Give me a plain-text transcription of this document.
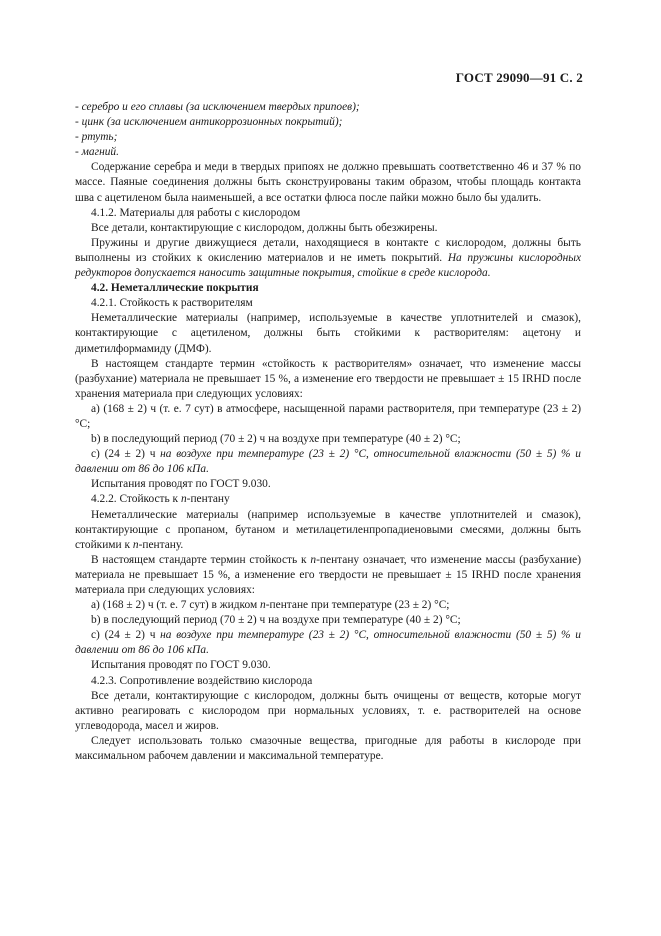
ГОСТ 29090—91 С. 2

- серебро и его сплавы (за исключением твердых припоев);

- цинк (за исключением антикоррозионных покрытий);

- ртуть;

- магний.

Содержание серебра и меди в твердых припоях не должно превышать соответственно 46 и 37 % по массе. Паяные соединения должны быть сконструированы таким образом, чтобы площадь контакта шва с ацетиленом была наименьшей, а все остатки флюса после пайки можно было бы удалить.

4.1.2. Материалы для работы с кислородом

Все детали, контактирующие с кислородом, должны быть обезжирены.

Пружины и другие движущиеся детали, находящиеся в контакте с кислородом, должны быть выполнены из стойких к окислению материалов и не иметь покрытий. На пружины кислородных редукторов допускается наносить защитные покрытия, стойкие в среде кислорода.

4.2. Неметаллические покрытия

4.2.1. Стойкость к растворителям

Неметаллические материалы (например, используемые в качестве уплотнителей и смазок), контактирующие с ацетиленом, должны быть стойкими к растворителям: ацетону и диметилформамиду (ДМФ).

В настоящем стандарте термин «стойкость к растворителям» означает, что изменение массы (разбухание) материала не превышает 15 %, а изменение его твердости не превышает ± 15 IRHD после хранения материала при следующих условиях:

а) (168 ± 2) ч (т. е. 7 сут) в атмосфере, насыщенной парами растворителя, при температуре (23 ± 2) °С;

b) в последующий период (70 ± 2) ч на воздухе при температуре (40 ± 2) °С;

с) (24 ± 2) ч на воздухе при температуре (23 ± 2) °С, относительной влажности (50 ± 5) % и давлении от 86 до 106 кПа.

Испытания проводят по ГОСТ 9.030.

4.2.2. Стойкость к n-пентану

Неметаллические материалы (например используемые в качестве уплотнителей и смазок), контактирующие с пропаном, бутаном и метилацетиленпропадиеновыми смесями, должны быть стойкими к n-пентану.

В настоящем стандарте термин стойкость к n-пентану означает, что изменение массы (разбухание) материала не превышает 15 %, а изменение его твердости не превышает ± 15 IRHD после хранения материала при следующих условиях:

а) (168 ± 2) ч (т. е. 7 сут) в жидком n-пентане при температуре (23 ± 2) °С;

b) в последующий период (70 ± 2) ч на воздухе при температуре (40 ± 2) °С;

с) (24 ± 2) ч на воздухе при температуре (23 ± 2) °С, относительной влажности (50 ± 5) % и давлении от 86 до 106 кПа.

Испытания проводят по ГОСТ 9.030.

4.2.3. Сопротивление воздействию кислорода

Все детали, контактирующие с кислородом, должны быть очищены от веществ, которые могут активно реагировать с кислородом при нормальных условиях, т. е. растворителей на основе углеводорода, масел и жиров.

Следует использовать только смазочные вещества, пригодные для работы в кислороде при максимальном рабочем давлении и максимальной температуре.
